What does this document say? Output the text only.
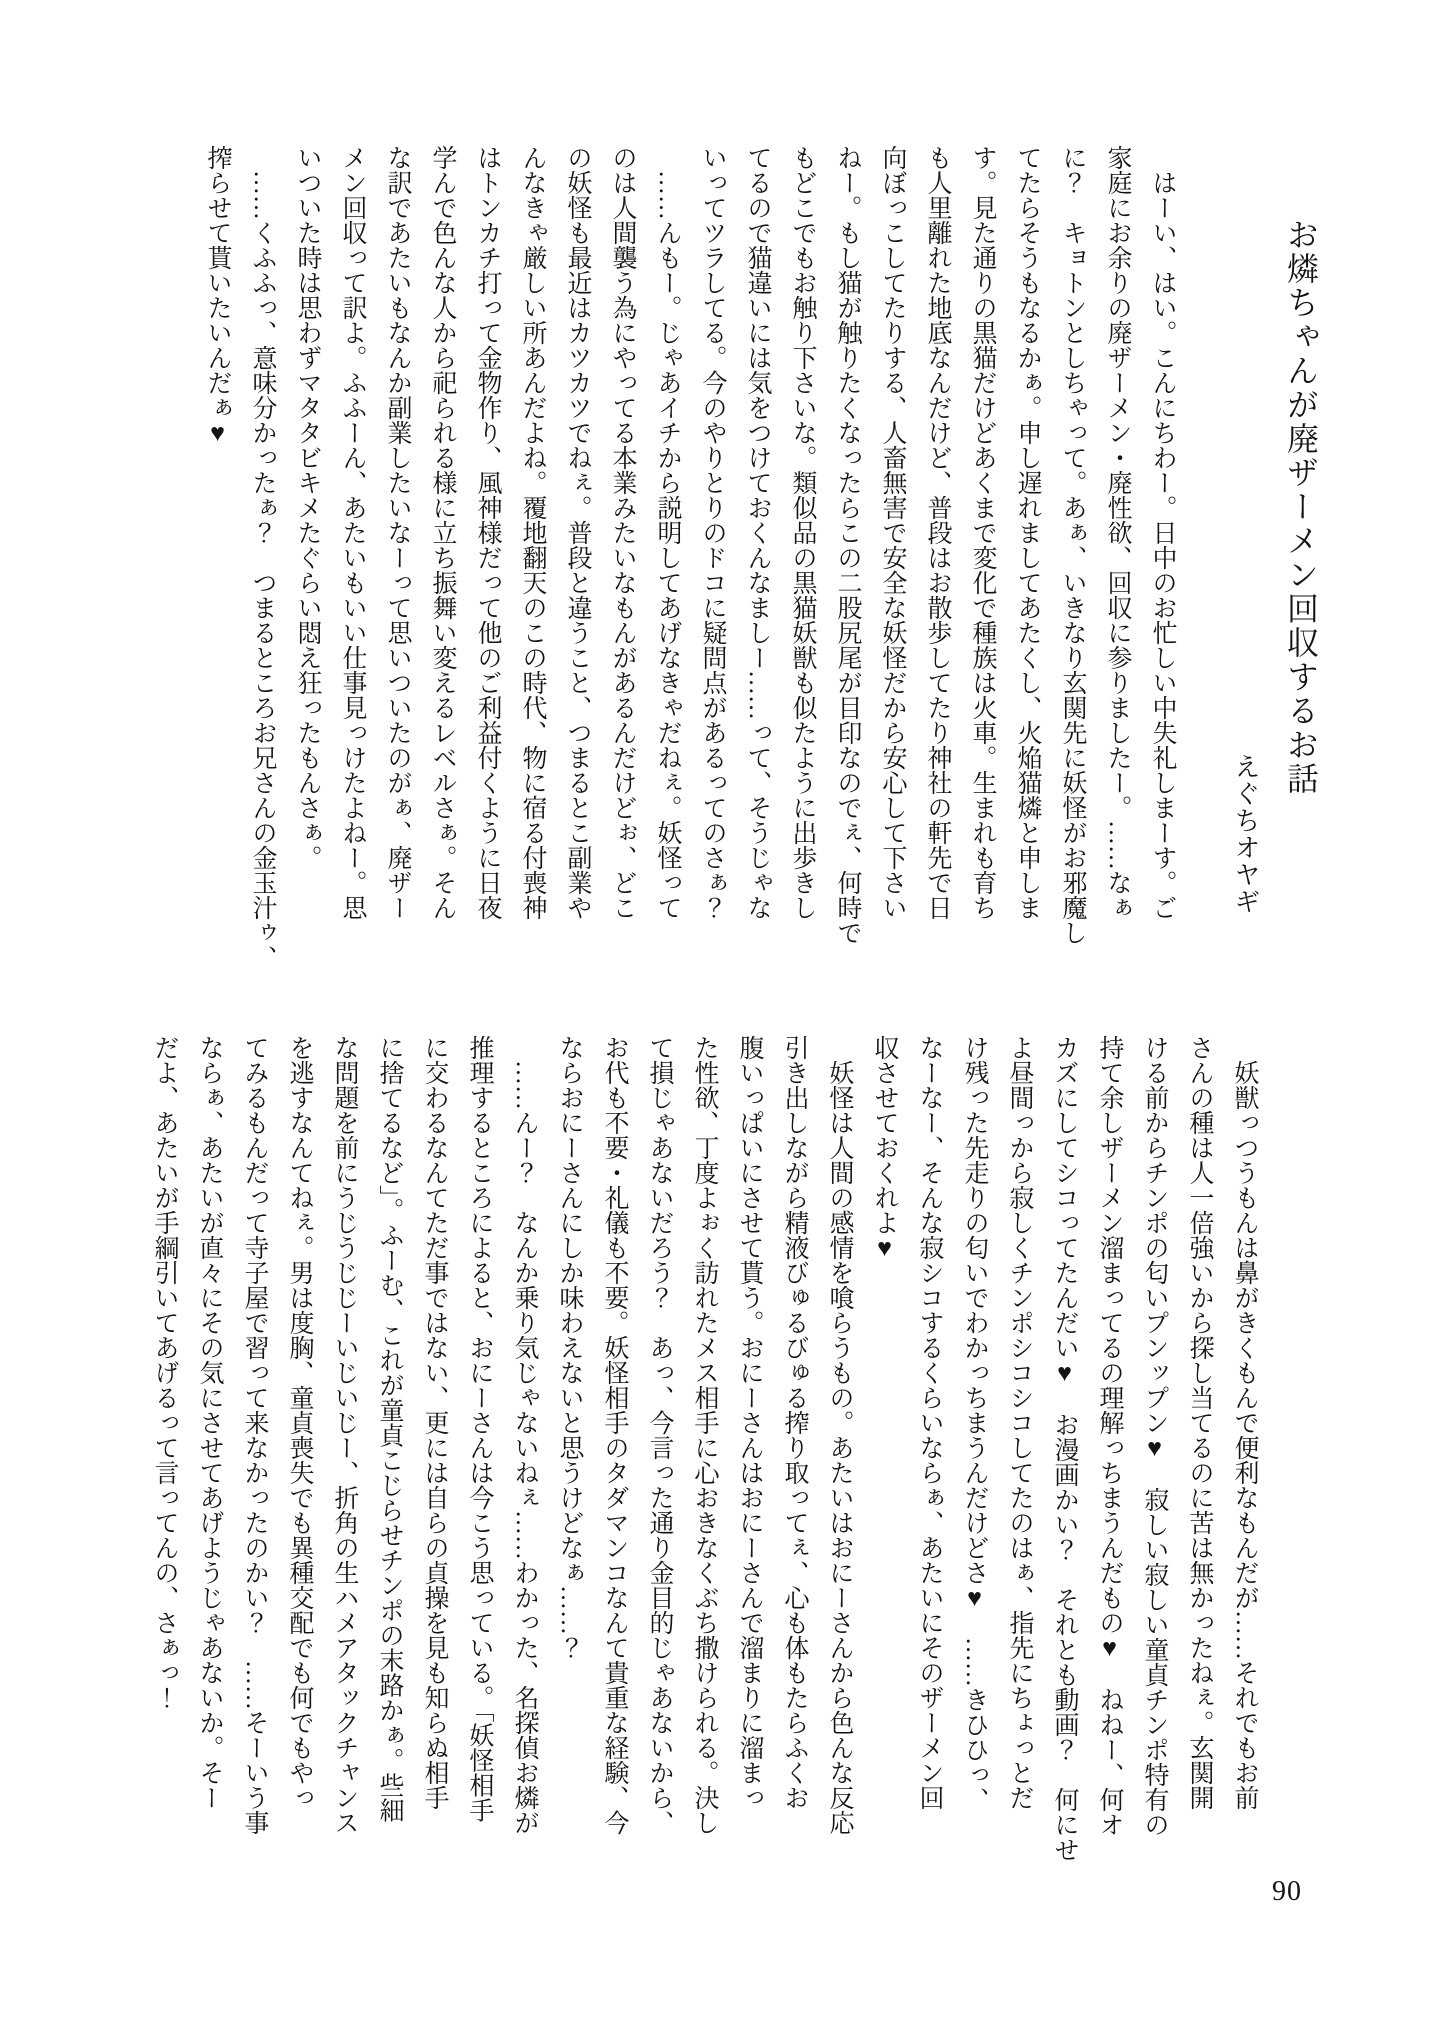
お燐ちゃんが廃ザーメン回収するお話
えぐちオヤギ
　はーい、はい。こんにちわー。日中のお忙しい中失礼しまーす。ご
家庭にお余りの廃ザーメン・廃性欲、回収に参りましたー。……なぁ
に？　キョトンとしちゃって。あぁ、いきなり玄関先に妖怪がお邪魔し
てたらそうもなるかぁ。申し遅れましてあたくし、火焔猫燐と申しま
す。見た通りの黒猫だけどあくまで変化で種族は火車。生まれも育ち
も人里離れた地底なんだけど、普段はお散歩してたり神社の軒先で日
向ぼっこしてたりする、人畜無害で安全な妖怪だから安心して下さい
ねー。もし猫が触りたくなったらこの二股尻尾が目印なのでぇ、何時で
もどこでもお触り下さいな。類似品の黒猫妖獣も似たように出歩きし
てるので猫違いには気をつけておくんなましー……って、そうじゃな
いってツラしてる。今のやりとりのドコに疑問点があるってのさぁ？
　……んもー。じゃあイチから説明してあげなきゃだねぇ。妖怪って
のは人間襲う為にやってる本業みたいなもんがあるんだけどぉ、どこ
の妖怪も最近はカツカツでねぇ。普段と違うこと、つまるとこ副業や
んなきゃ厳しい所あんだよね。覆地翻天のこの時代、物に宿る付喪神
はトンカチ打って金物作り、風神様だって他のご利益付くように日夜
学んで色んな人から祀られる様に立ち振舞い変えるレベルさぁ。そん
な訳であたいもなんか副業したいなーって思いついたのがぁ、廃ザー
メン回収って訳よ。ふふーん、あたいもいい仕事見っけたよねー。思
いついた時は思わずマタタビキメたぐらい悶え狂ったもんさぁ。
　……くふふっ、意味分かったぁ？　つまるところお兄さんの金玉汁ゥ、
搾らせて貰いたいんだぁ♥
　妖獣っつうもんは鼻がきくもんで便利なもんだが……それでもお前
さんの種は人一倍強いから探し当てるのに苦は無かったねぇ。玄関開
ける前からチンポの匂いプンップン♥　寂しい寂しい童貞チンポ特有の
持て余しザーメン溜まってるの理解っちまうんだもの♥　ねねー、何オ
カズにしてシコってたんだい♥　お漫画かい？　それとも動画？　何にせ
よ昼間っから寂しくチンポシコシコしてたのはぁ、指先にちょっとだ
け残った先走りの匂いでわかっちまうんだけどさ♥　……きひひっ、
なーなー、そんな寂シコするくらいならぁ、あたいにそのザーメン回
収させておくれよ♥
　妖怪は人間の感情を喰らうもの。あたいはおにーさんから色んな反応
引き出しながら精液びゅるびゅる搾り取ってぇ、心も体もたらふくお
腹いっぱいにさせて貰う。おにーさんはおにーさんで溜まりに溜まっ
た性欲、丁度よぉく訪れたメス相手に心おきなくぶち撒けられる。決し
て損じゃあないだろう？　あっ、今言った通り金目的じゃあないから、
お代も不要・礼儀も不要。妖怪相手のタダマンコなんて貴重な経験、今
ならおにーさんにしか味わえないと思うけどなぁ……？
　……んー？　なんか乗り気じゃないねぇ……わかった、名探偵お燐が
推理するところによると、おにーさんは今こう思っている。「妖怪相手
に交わるなんてただ事ではない、更には自らの貞操を見も知らぬ相手
に捨てるなど」。ふーむ、これが童貞こじらせチンポの末路かぁ。些細
な問題を前にうじうじじーいじいじー、折角の生ハメアタックチャンス
を逃すなんてねぇ。男は度胸、童貞喪失でも異種交配でも何でもやっ
てみるもんだって寺子屋で習って来なかったのかい？　……そーいう事
ならぁ、あたいが直々にその気にさせてあげようじゃあないか。そー
だよ、あたいが手綱引いてあげるって言ってんの、さぁっ！
90
